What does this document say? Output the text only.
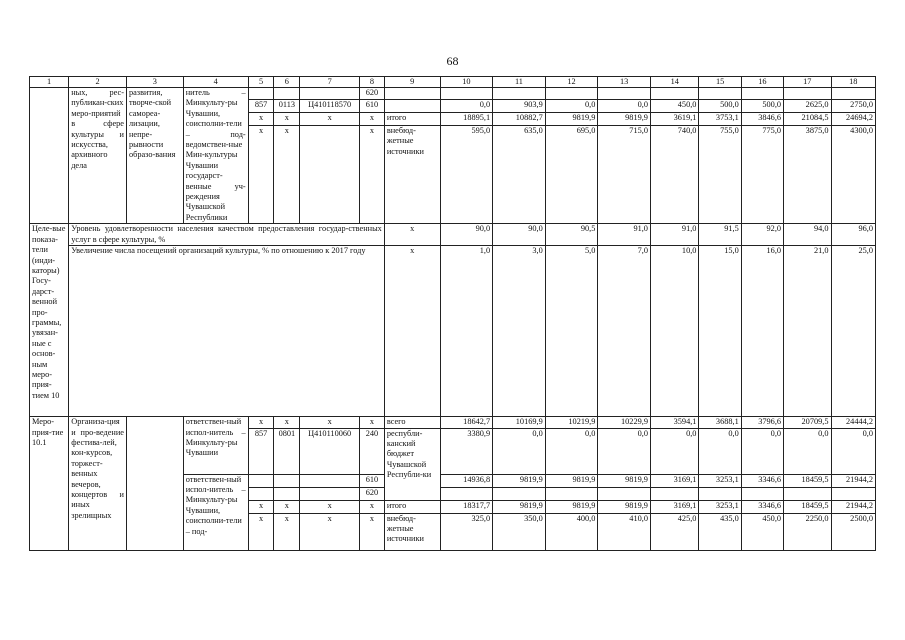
68
1	2	3	4	5	6	7	8	9	10	11	12	13	14	15	16	17	18
	ных, рес-публикан-ских меро-приятий в сфере культуры и искусства, архивного дела	развития, творче-ской самореа-лизации, непре-рывности образо-вания	нитель – Минкульту-ры Чувашии, соисполни-тели – под-ведомствен-ные Мин-культуры Чувашии государст-венные уч-реждения Чувашской Республики				620										
				857	0113	Ц410118570	610		0,0	903,9	0,0	0,0	450,0	500,0	500,0	2625,0	2750,0
				x	x	x	x	итого	18895,1	10882,7	9819,9	9819,9	3619,1	3753,1	3846,6	21084,5	24694,2
				x	x		x	внебюд-жетные источники	595,0	635,0	695,0	715,0	740,0	755,0	775,0	3875,0	4300,0
Целе-вые показа-тели (инди-каторы) Госу-дарст-венной про-граммы, увязан-ные с основ-ным меро-прия-тием 10	Уровень удовлетворенности населения качеством предоставления государ-ственных услуг в сфере культуры, %							x	90,0	90,0	90,5	91,0	91,0	91,5	92,0	94,0	96,0
	Увеличение числа посещений организаций культуры, % по отношению к 2017 году							x	1,0	3,0	5,0	7,0	10,0	15,0	16,0	21,0	25,0
Меро-прия-тие 10.1	Организа-ция и про-ведение фестива-лей, кон-курсов, торжест-венных вечеров, концертов и иных зрелищных		ответствен-ный испол-нитель – Минкульту-ры Чувашии	x	x	x	x	всего	18642,7	10169,9	10219,9	10229,9	3594,1	3688,1	3796,6	20709,5	24444,2
				857	0801	Ц410110060	240	республи-канский бюджет Чувашской Республи-ки	3380,9	0,0	0,0	0,0	0,0	0,0	0,0	0,0	0,0
			ответствен-ный испол-нитель – Минкульту-ры Чувашии, соисполни-тели – под-				610		14936,8	9819,9	9819,9	9819,9	3169,1	3253,1	3346,6	18459,5	21944,2
							620										
				x	x	x	x	итого	18317,7	9819,9	9819,9	9819,9	3169,1	3253,1	3346,6	18459,5	21944,2
				x	x	x	x	внебюд-жетные источники	325,0	350,0	400,0	410,0	425,0	435,0	450,0	2250,0	2500,0
